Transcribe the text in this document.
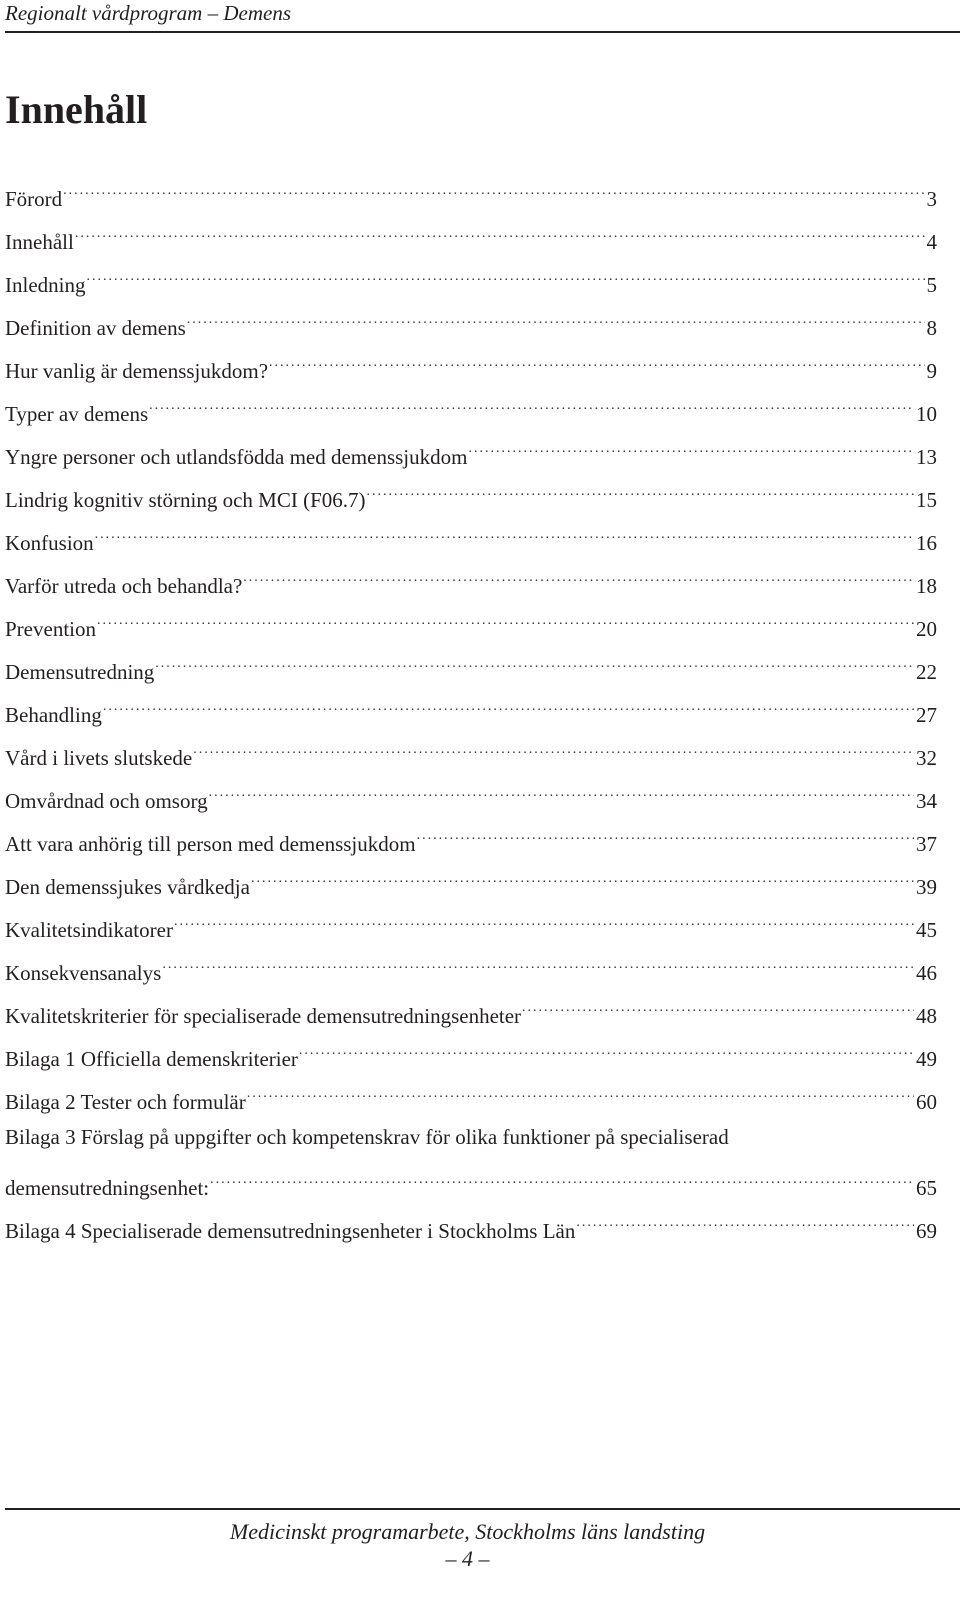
Regionalt vårdprogram – Demens
Innehåll
Förord .....	3
Innehåll .....	4
Inledning .....	5
Definition av demens .....	8
Hur vanlig är demenssjukdom? .....	9
Typer av demens .....	10
Yngre personer och utlandsfödda med demenssjukdom .....	13
Lindrig kognitiv störning och MCI (F06.7) .....	15
Konfusion .....	16
Varför utreda och behandla? .....	18
Prevention .....	20
Demensutredning .....	22
Behandling .....	27
Vård i livets slutskede .....	32
Omvårdnad och omsorg .....	34
Att vara anhörig till person med demenssjukdom .....	37
Den demenssjukes vårdkedja .....	39
Kvalitetsindikatorer .....	45
Konsekvensanalys .....	46
Kvalitetskriterier för specialiserade demensutredningsenheter .....	48
Bilaga 1 Officiella demenskriterier .....	49
Bilaga 2 Tester och formulär .....	60
Bilaga 3 Förslag på uppgifter och kompetenskrav för olika funktioner på specialiserad
demensutredningsenhet: .....	65
Bilaga 4 Specialiserade demensutredningsenheter i Stockholms Län .....	69
Medicinskt programarbete, Stockholms läns landsting
– 4 –
